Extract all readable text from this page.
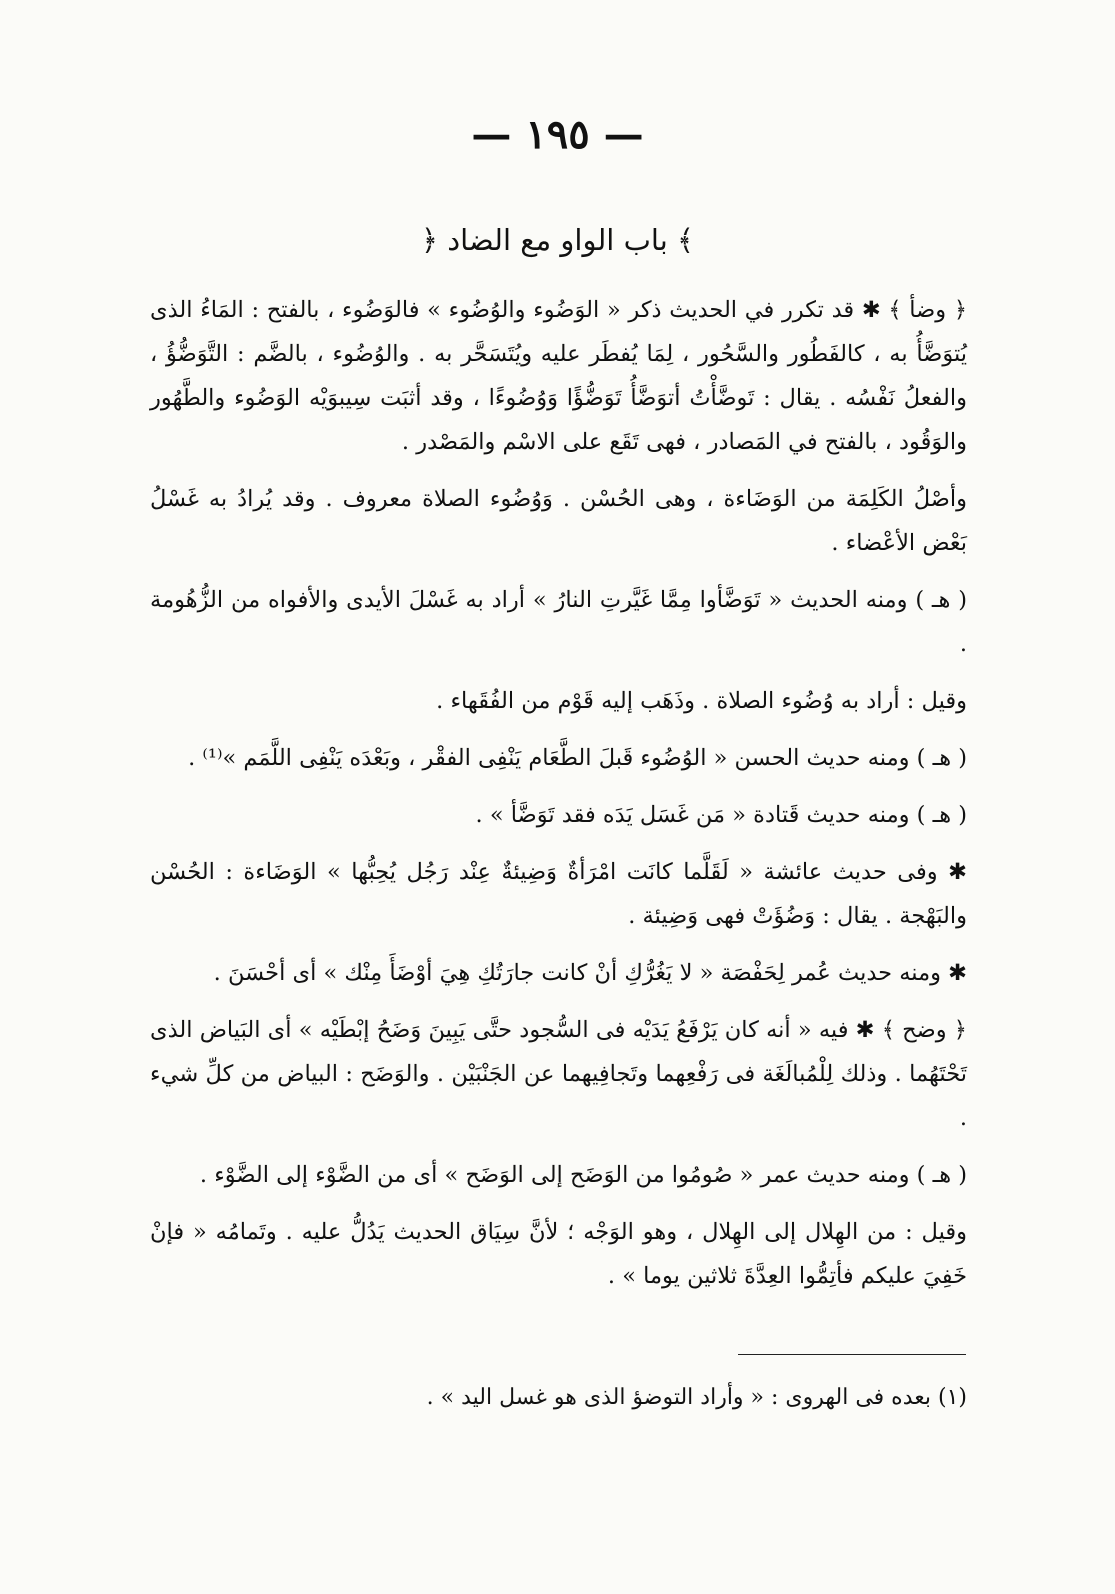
— ١٩٥ —
﴿ باب الواو مع الضاد ﴾

﴿ وضأ ﴾ ✱ قد تكرر في الحديث ذكر « الوَضُوء والوُضُوء » فالوَضُوء ، بالفتح : المَاءُ الذى يُتوَضَّأُ به ، كالفَطُور والسَّحُور ، لِمَا يُفطَر عليه ويُتَسَحَّر به . والوُضُوء ، بالضَّم : التَّوَضُّؤُ ، والفعلُ نَفْسُه . يقال : تَوضَّأْتُ أتوَضَّأُ تَوَضُّؤًا وَوُضُوءًا ، وقد أثبَت سِيبوَيْه الوَضُوء والطَّهُور والوَقُود ، بالفتح في المَصادر ، فهى تَقَع على الاسْم والمَصْدر .

وأصْلُ الكَلِمَة من الوَضَاءة ، وهى الحُسْن . وَوُضُوء الصلاة معروف . وقد يُرادُ به غَسْلُ بَعْض الأعْضاء .

( هـ ) ومنه الحديث « تَوَضَّأوا مِمَّا غَيَّرتِ النارُ » أراد به غَسْلَ الأيدى والأفواه من الزُّهُومة .

وقيل : أراد به وُضُوء الصلاة . وذَهَب إليه قَوْم من الفُقَهاء .

( هـ ) ومنه حديث الحسن « الوُضُوء قَبلَ الطَّعَام يَنْفِى الفقْر ، وبَعْدَه يَنْفِى اللَّمَم »⁽¹⁾ .

( هـ ) ومنه حديث قَتادة « مَن غَسَل يَدَه فقد تَوَضَّأ » .

✱ وفى حديث عائشة « لَقَلَّما كانَت امْرَأةٌ وَضِيئةٌ عِنْد رَجُل يُحِبُّها » الوَضَاءة : الحُسْن والبَهْجة . يقال : وَضُؤَتْ فهى وَضِيئة .

✱ ومنه حديث عُمر لِحَفْصَة « لا يَغُرُّكِ أنْ كانت جارَتُكِ هِيَ أوْضَأَ مِنْك » أى أحْسَنَ .

﴿ وضح ﴾ ✱ فيه « أنه كان يَرْفَعُ يَدَيْه فى السُّجود حتَّى يَبِينَ وَضَحُ إبْطَيْه » أى البَياض الذى تَحْتَهُما . وذلك لِلْمُبالَغَة فى رَفْعِهما وتَجافِيهما عن الجَنْبَيْن . والوَضَح : البياض من كلِّ شيء .

( هـ ) ومنه حديث عمر « صُومُوا من الوَضَح إلى الوَضَح » أى من الضَّوْء إلى الضَّوْء .

وقيل : من الهِلال إلى الهِلال ، وهو الوَجْه ؛ لأنَّ سِيَاق الحديث يَدُلُّ عليه . وتَمامُه « فإنْ خَفِيَ عليكم فأتِمُّوا العِدَّةَ ثلاثين يوما » .

(١) بعده فى الهروى : « وأراد التوضؤ الذى هو غسل اليد » .
